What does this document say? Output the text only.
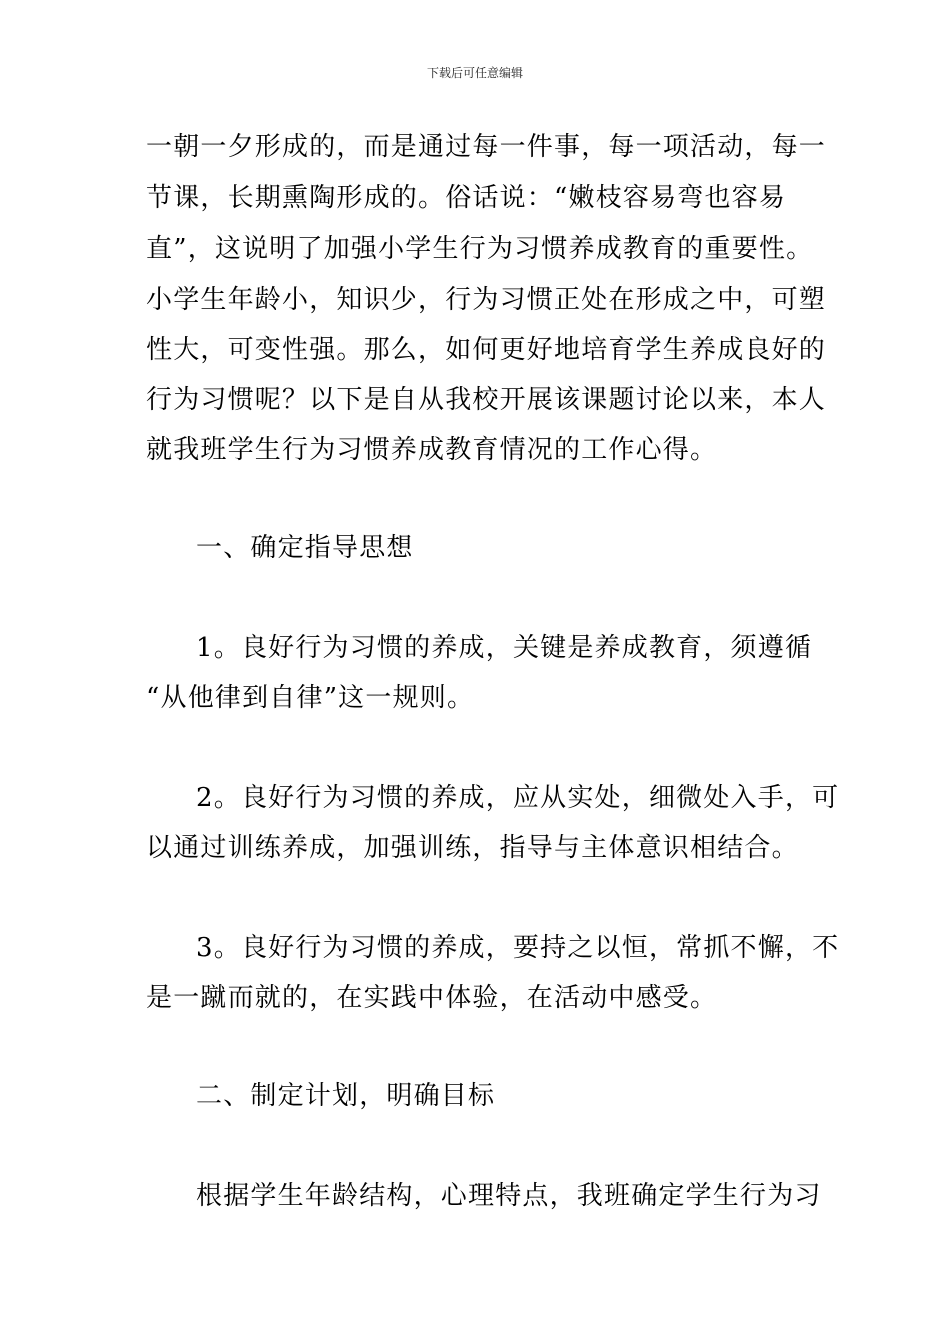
下载后可任意编辑
一朝一夕形成的，而是通过每一件事，每一项活动，每一
节课，长期熏陶形成的。俗话说：“嫩枝容易弯也容易
直”，这说明了加强小学生行为习惯养成教育的重要性。
小学生年龄小，知识少，行为习惯正处在形成之中，可塑
性大，可变性强。那么，如何更好地培育学生养成良好的
行为习惯呢？以下是自从我校开展该课题讨论以来，本人
就我班学生行为习惯养成教育情况的工作心得。
一、确定指导思想
1。良好行为习惯的养成，关键是养成教育，须遵循
“从他律到自律”这一规则。
2。良好行为习惯的养成，应从实处，细微处入手，可
以通过训练养成，加强训练，指导与主体意识相结合。
3。良好行为习惯的养成，要持之以恒，常抓不懈，不
是一蹴而就的，在实践中体验，在活动中感受。
二、制定计划，明确目标
根据学生年龄结构，心理特点，我班确定学生行为习
